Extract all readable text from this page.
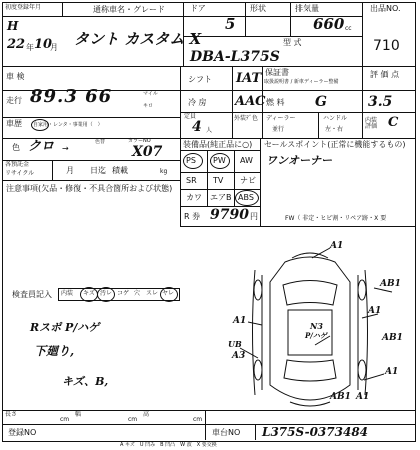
初度登録年月
H
22 年 10
月
通称車名・グレード
タント カスタム X
ドア
5
形状	排気量
660 cc
出品NO.
710
型 式
DBA-L375S
車 検
走行 89.3 66	マイル
キロ
シフト IAT 保証書
取扱説明書 / 新車ディーラー整備
評 価 点
3.5
冷 房 AAC 燃 料 G
車歴 自家用・レンタ・事業用（　）
定員
4 人
外装ﾃﾞ色 ディーラー
並行
ハンドル
左・右
内装評価 C
色 クロ →
カラーNO
X07
色替
各預託金
リサイクル	月 日迄 積載	kg
装備品(純正品に○)
PS PW AW
SR TV ナビ
カワ エアB ABS
R 券 9790 円
セールスポイント(正常に機能するもの)
ワンオーナー
FW（ 非定・ヒビ割・リペア跡・X 要
注意事項(欠品・修復・不具合箇所および状態)
検査員記入 内装 キズ 汚レ コゲ 穴 スレ ヤレ
Rスポ P/ハゲ
下廻り,
キズ、B,
A1
A1
A1
A1
AB1
AB1
AB1
N3
P/ハゲ
A3
UB
A1
長さ
cm
幅
cm
高
cm
登録NO	車台NO L375S-0373484
A キズ　U 凹み　B 凹凸　W 波　X 要交換
